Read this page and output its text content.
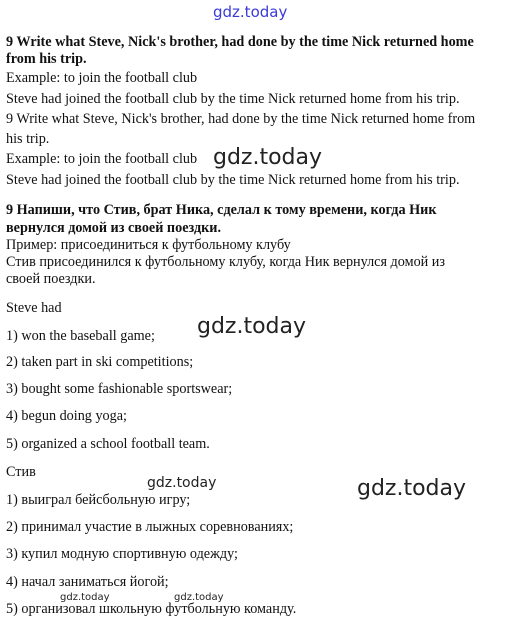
gdz.today
gdz.today
gdz.today
gdz.today
gdz.today
gdz.today	gdz.today
9 Write what Steve, Nick's brother, had done by the time Nick returned home
from his trip.
Example: to join the football club
Steve had joined the football club by the time Nick returned home from his trip.
9 Write what Steve, Nick's brother, had done by the time Nick returned home from
his trip.
Example: to join the football club
Steve had joined the football club by the time Nick returned home from his trip.
9 Напиши, что Стив, брат Ника, сделал к тому времени, когда Ник
вернулся домой из своей поездки.
Пример: присоединиться к футбольному клубу
Стив присоединился к футбольному клубу, когда Ник вернулся домой из
своей поездки.
Steve had
1) won the baseball game;
2) taken part in ski competitions;
3) bought some fashionable sportswear;
4) begun doing yoga;
5) organized a school football team.
Стив
1) выиграл бейсбольную игру;
2) принимал участие в лыжных соревнованиях;
3) купил модную спортивную одежду;
4) начал заниматься йогой;
5) организовал школьную футбольную команду.
